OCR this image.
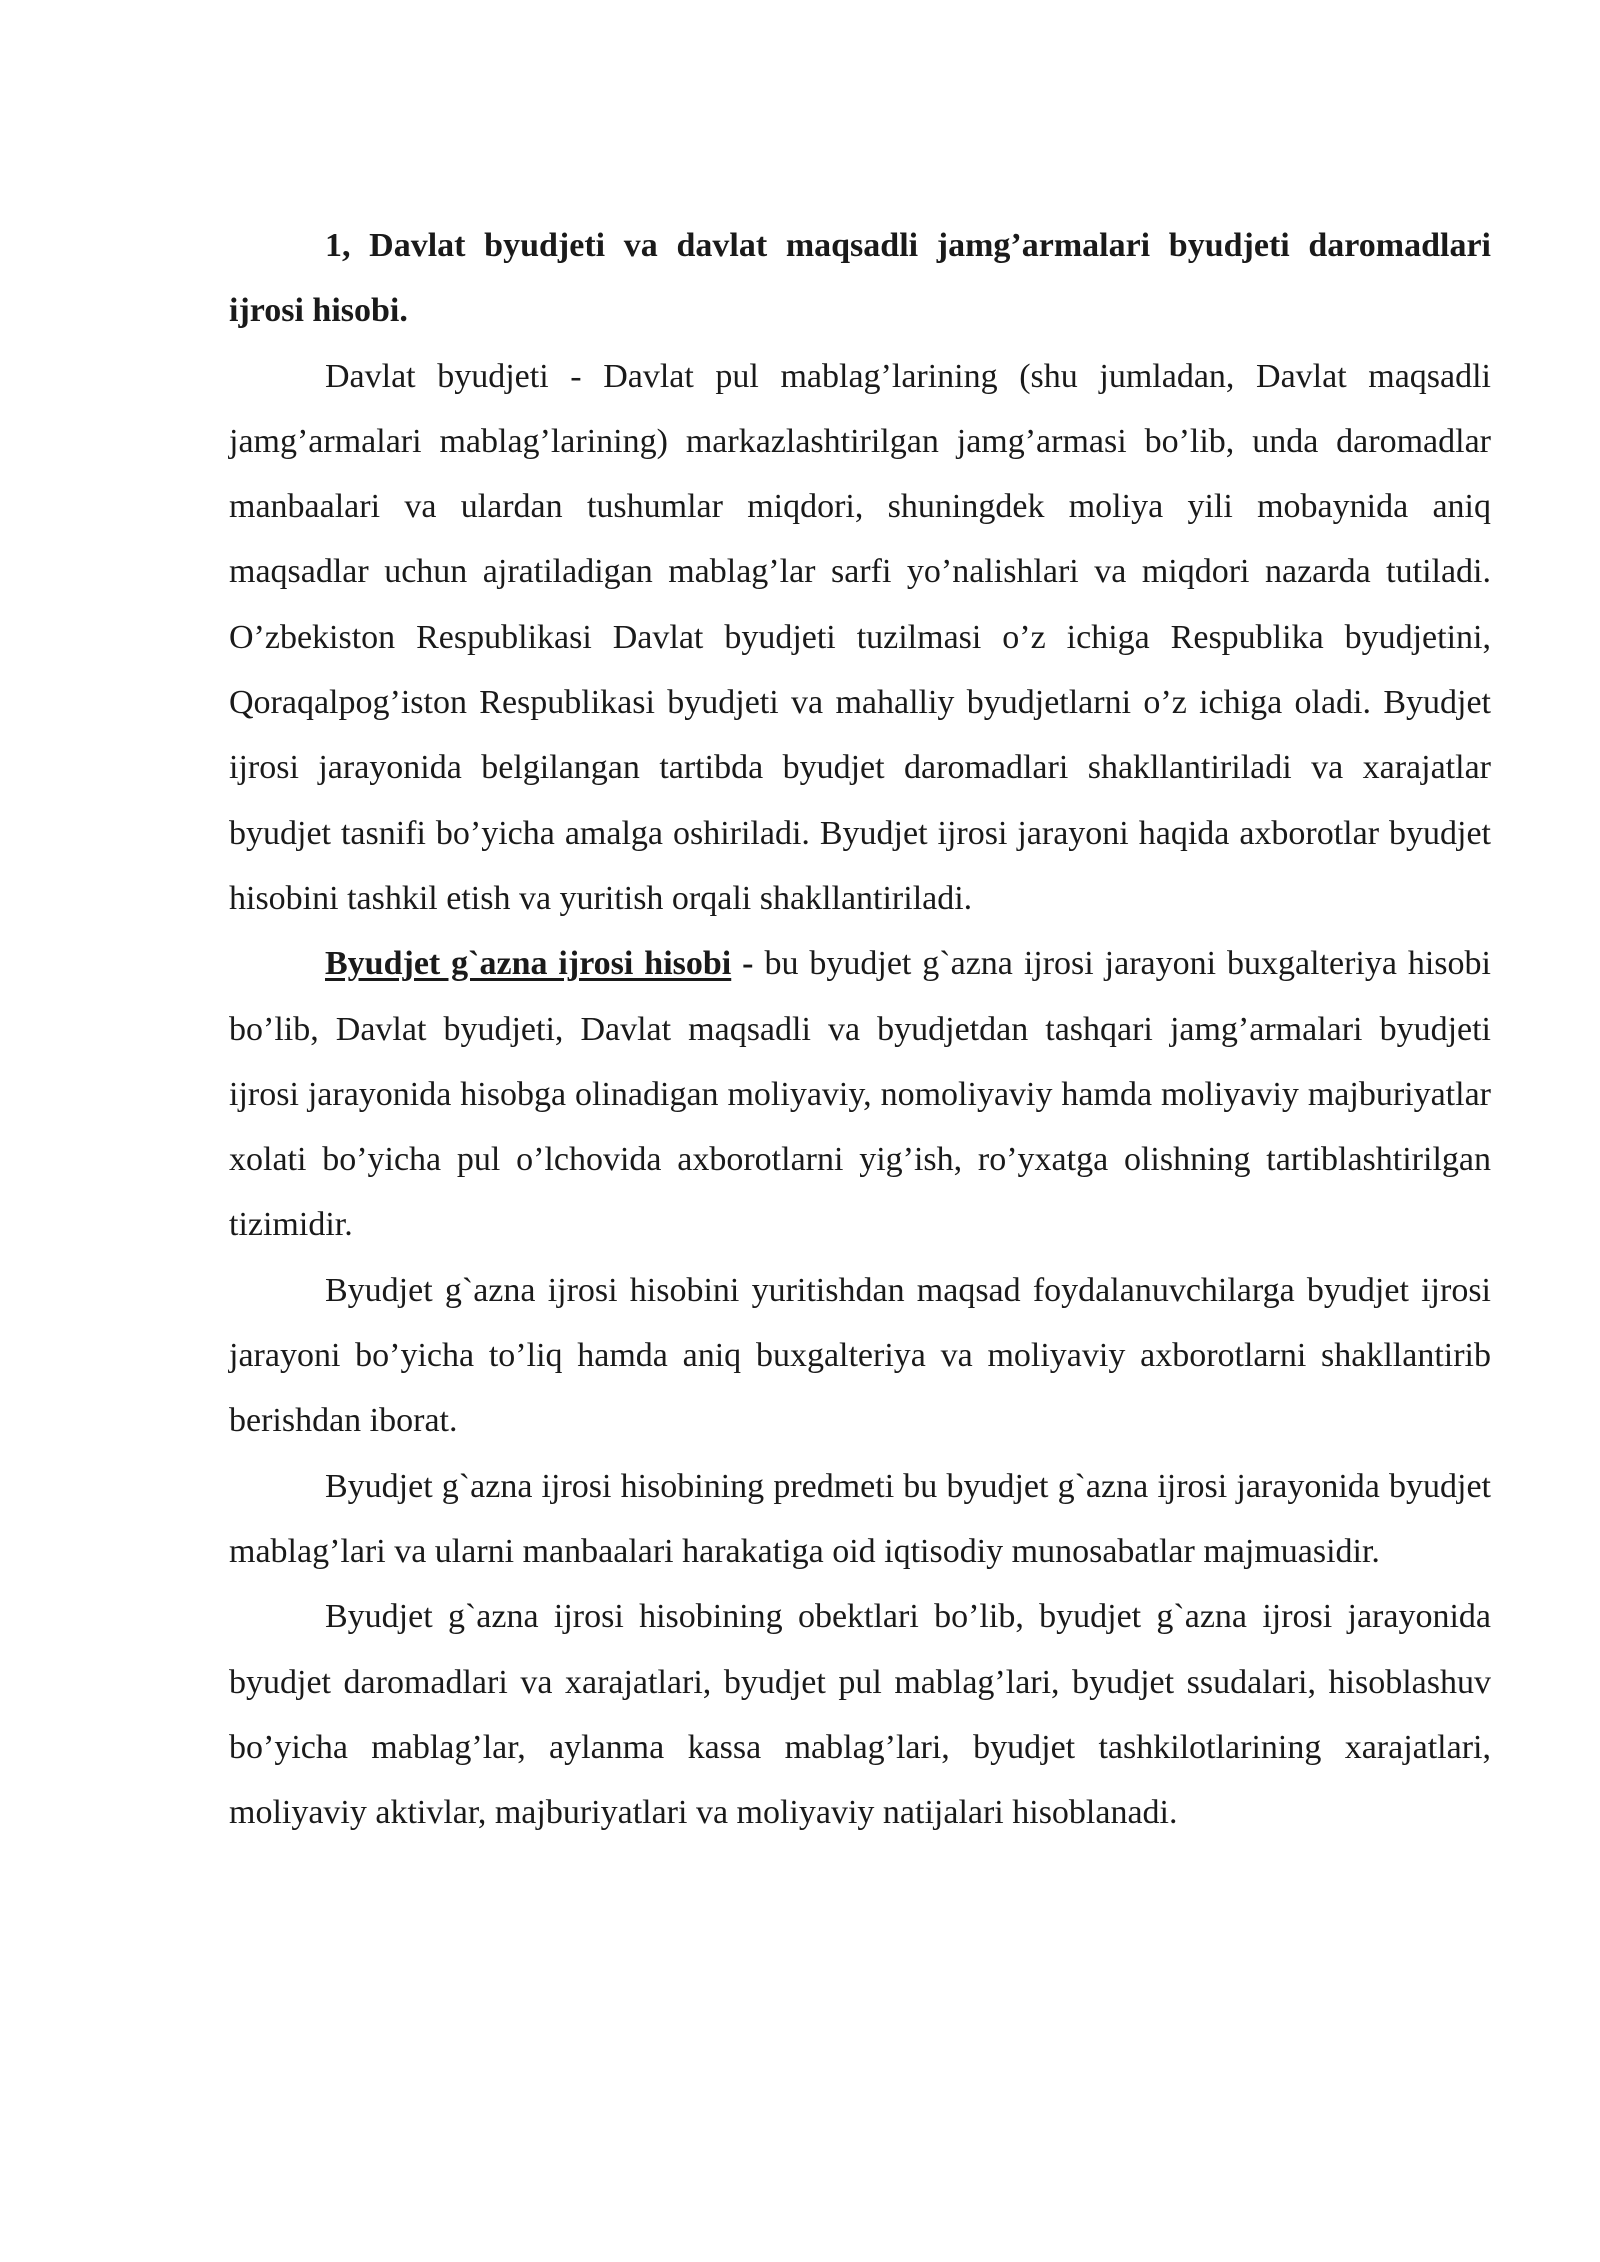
1, Davlat byudjeti va davlat maqsadli jamg’armalari byudjeti daromadlari ijrosi hisobi.

Davlat byudjeti - Davlat pul mablag’larining (shu jumladan, Davlat maqsadli jamg’armalari mablag’larining) markazlashtirilgan jamg’armasi bo’lib, unda daromadlar manbaalari va ulardan tushumlar miqdori, shuningdek moliya yili mobaynida aniq maqsadlar uchun ajratiladigan mablag’lar sarfi yo’nalishlari va miqdori nazarda tutiladi. O’zbekiston Respublikasi Davlat byudjeti tuzilmasi o’z ichiga Respublika byudjetini, Qoraqalpog’iston Respublikasi byudjeti va mahalliy byudjetlarni o’z ichiga oladi. Byudjet ijrosi jarayonida belgilangan tartibda byudjet daromadlari shakllantiriladi va xarajatlar byudjet tasnifi bo’yicha amalga oshiriladi. Byudjet ijrosi jarayoni haqida axborotlar byudjet hisobini tashkil etish va yuritish orqali shakllantiriladi.

Byudjet g`azna ijrosi hisobi - bu byudjet g`azna ijrosi jarayoni buxgalteriya hisobi bo’lib, Davlat byudjeti, Davlat maqsadli va byudjetdan tashqari jamg’armalari byudjeti ijrosi jarayonida hisobga olinadigan moliyaviy, nomoliyaviy hamda moliyaviy majburiyatlar xolati bo’yicha pul o’lchovida axborotlarni yig’ish, ro’yxatga olishning tartiblashtirilgan tizimidir.

Byudjet g`azna ijrosi hisobini yuritishdan maqsad foydalanuvchilarga byudjet ijrosi jarayoni bo’yicha to’liq hamda aniq buxgalteriya va moliyaviy axborotlarni shakllantirib berishdan iborat.

Byudjet g`azna ijrosi hisobining predmeti bu byudjet g`azna ijrosi jarayonida byudjet mablag’lari va ularni manbaalari harakatiga oid iqtisodiy munosabatlar majmuasidir.

Byudjet g`azna ijrosi hisobining obektlari bo’lib, byudjet g`azna ijrosi jarayonida byudjet daromadlari va xarajatlari, byudjet pul mablag’lari, byudjet ssudalari, hisoblashuv bo’yicha mablag’lar, aylanma kassa mablag’lari, byudjet tashkilotlarining xarajatlari, moliyaviy aktivlar, majburiyatlari va moliyaviy natijalari hisoblanadi.
